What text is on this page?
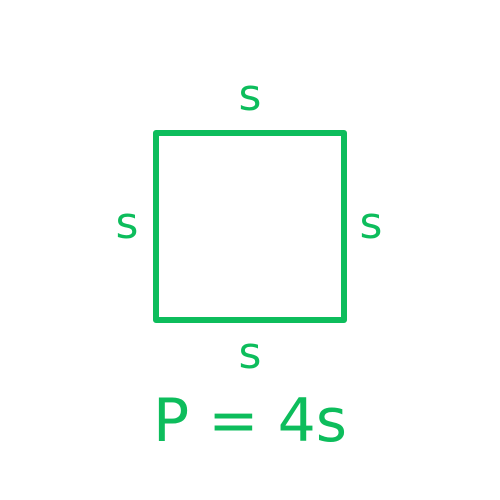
s
s	s
s
P = 4s
